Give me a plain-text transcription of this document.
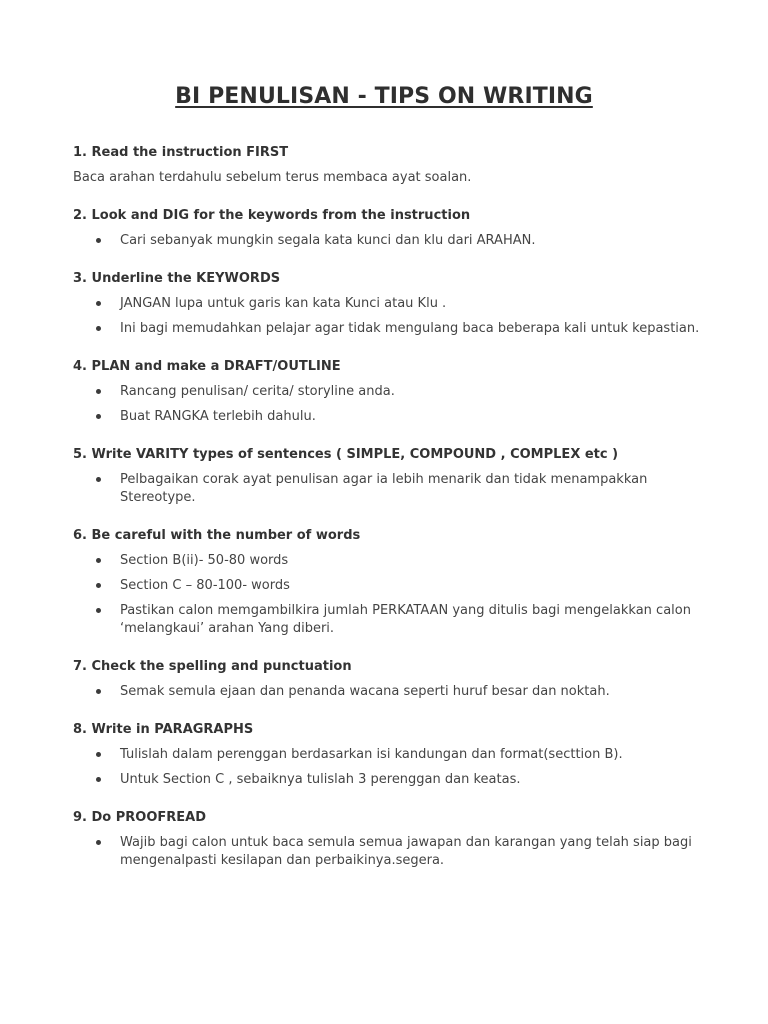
BI PENULISAN - TIPS ON WRITING
1. Read the instruction FIRST

Baca arahan terdahulu sebelum terus membaca ayat soalan.

2. Look and DIG for the keywords from the instruction
Cari sebanyak mungkin segala kata kunci dan klu dari ARAHAN.
3. Underline the KEYWORDS
JANGAN lupa untuk garis kan kata Kunci atau Klu .
Ini bagi memudahkan pelajar agar tidak mengulang baca beberapa kali untuk kepastian.
4. PLAN and make a DRAFT/OUTLINE
Rancang penulisan/ cerita/ storyline anda.
Buat RANGKA terlebih dahulu.
5. Write VARITY types of sentences ( SIMPLE, COMPOUND , COMPLEX etc )
Pelbagaikan corak ayat penulisan agar ia lebih menarik dan tidak menampakkan Stereotype.
6. Be careful with the number of words
Section B(ii)- 50-80 words
Section C – 80-100- words
Pastikan calon memgambilkira jumlah PERKATAAN yang ditulis bagi mengelakkan calon ‘melangkaui’ arahan Yang diberi.
7. Check the spelling and punctuation
Semak semula ejaan dan penanda wacana seperti huruf besar dan noktah.
8. Write in PARAGRAPHS
Tulislah dalam perenggan berdasarkan isi kandungan dan format(secttion B).
Untuk Section C , sebaiknya tulislah 3 perenggan dan keatas.
9. Do PROOFREAD
Wajib bagi calon untuk baca semula semua jawapan dan karangan yang telah siap bagi mengenalpasti kesilapan dan perbaikinya.segera.
